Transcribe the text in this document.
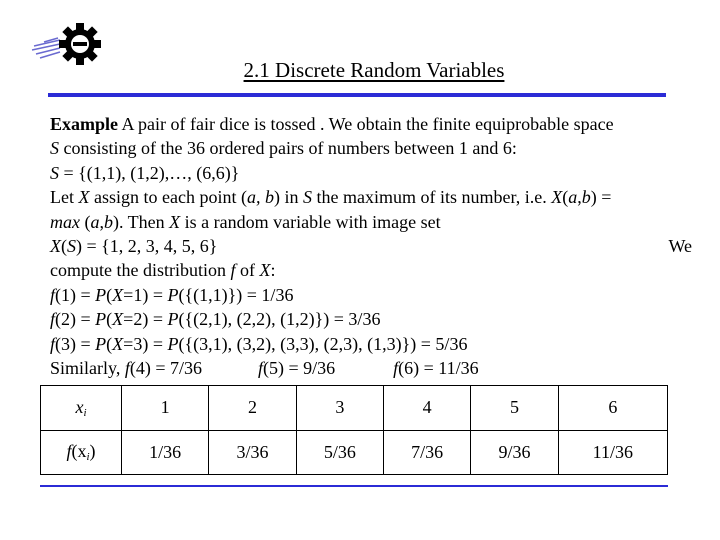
2.1 Discrete Random Variables
Example A pair of fair dice is tossed . We obtain the finite equiprobable space
S consisting of the 36 ordered pairs of numbers between 1 and 6:
S = {(1,1), (1,2),…, (6,6)}
Let X assign to each point (a, b) in S the maximum of its number, i.e. X(a,b) =
max (a,b). Then X is a random variable with image set
X(S) = {1, 2, 3, 4, 5, 6}	We
compute the distribution f of X:
f(1) = P(X=1) = P({(1,1)}) = 1/36
f(2) = P(X=2) = P({(2,1), (2,2), (1,2)}) = 3/36
f(3) = P(X=3) = P({(3,1), (3,2), (3,3), (2,3), (1,3)}) = 5/36
Similarly, f(4) = 7/36	f(5) = 9/36	f(6) = 11/36
$x_i$	1	2	3	4	5	6
$f(x_i)$	1/36	3/36	5/36	7/36	9/36	11/36
